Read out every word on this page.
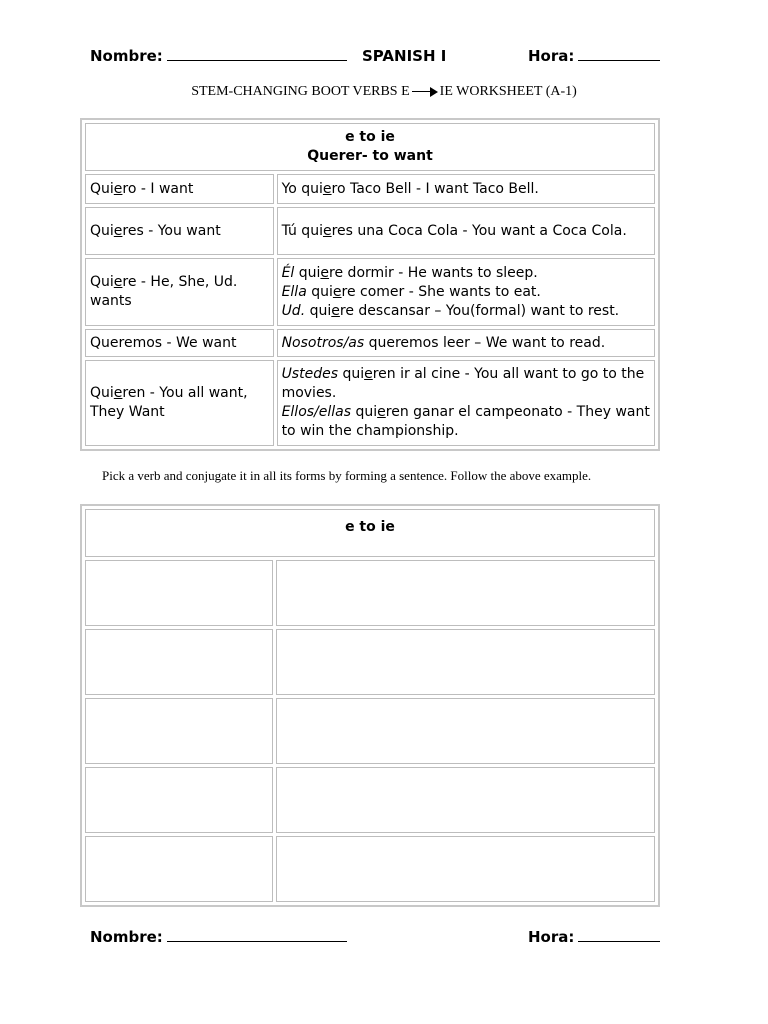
Nombre:	SPANISH I	Hora:
STEM-CHANGING BOOT VERBS E IE WORKSHEET (A-1)
e to ie
Querer- to want	

Quiero - I want	Yo quiero Taco Bell - I want Taco Bell.

Quieres - You want	Tú quieres una Coca Cola - You want a Coca Cola.

Quiere - He, She, Ud. wants	Él quiere dormir - He wants to sleep.
Ella quiere comer - She wants to eat.
Ud. quiere descansar – You(formal) want to rest.

Queremos - We want	Nosotros/as queremos leer – We want to read.

Quieren - You all want, They Want	Ustedes quieren ir al cine - You all want to go to the movies.
Ellos/ellas quieren ganar el campeonato - They want to win the championship.
Pick a verb and conjugate it in all its forms by forming a sentence. Follow the above example.
e to ie	

Nombre:	Hora:
